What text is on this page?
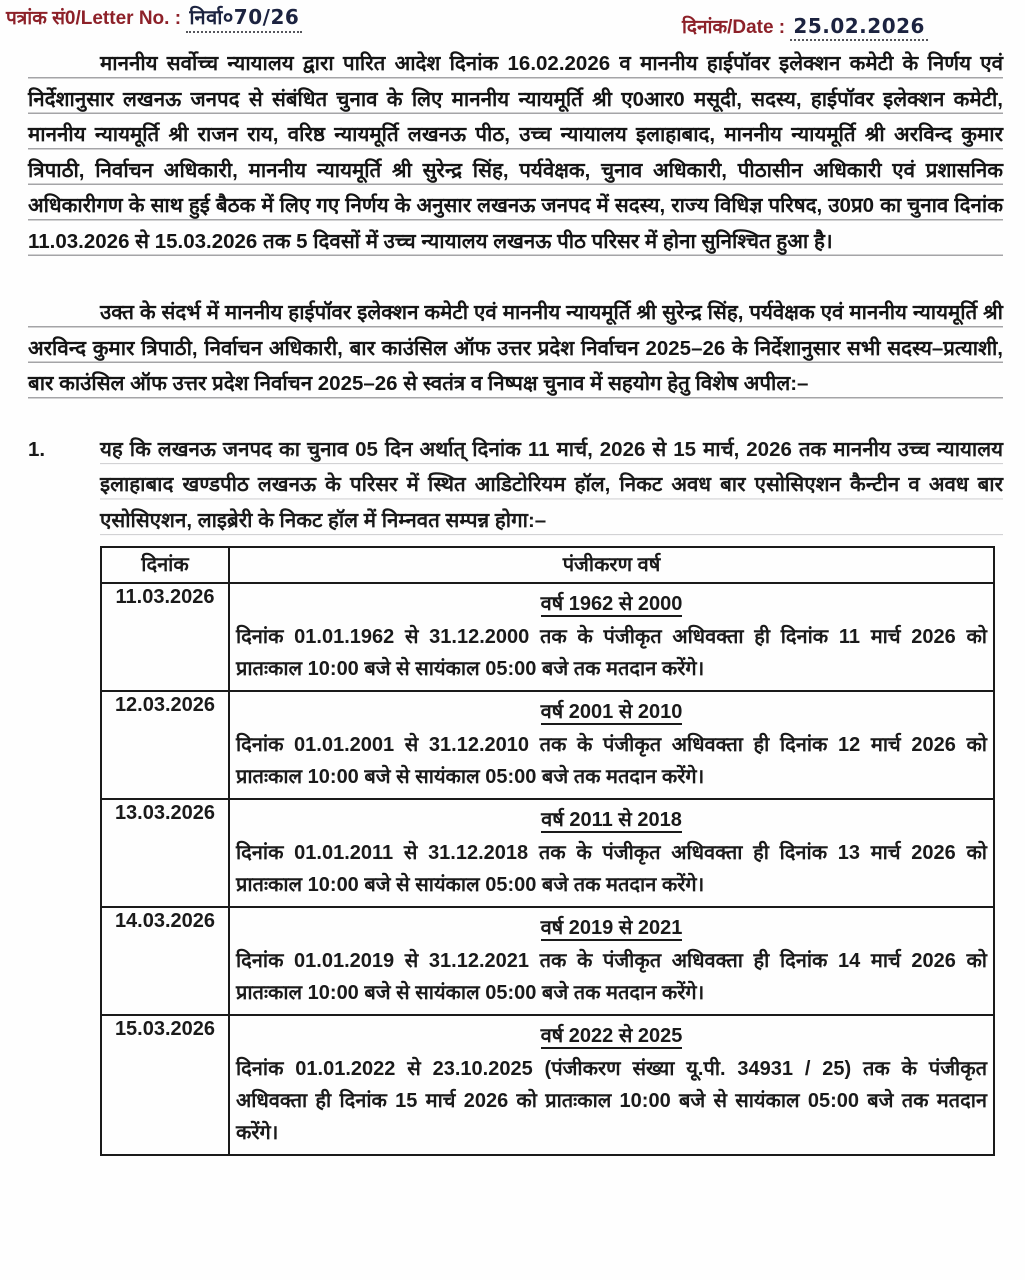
पत्रांक सं0/Letter No. : निर्वा०70/26	दिनांक/Date : 25.02.2026

माननीय सर्वोच्च न्यायालय द्वारा पारित आदेश दिनांक 16.02.2026 व माननीय हाईपॉवर इलेक्शन कमेटी के निर्णय एवं निर्देशानुसार लखनऊ जनपद से संबंधित चुनाव के लिए माननीय न्यायमूर्ति श्री ए0आर0 मसूदी, सदस्य, हाईपॉवर इलेक्शन कमेटी, माननीय न्यायमूर्ति श्री राजन राय, वरिष्ठ न्यायमूर्ति लखनऊ पीठ, उच्च न्यायालय इलाहाबाद, माननीय न्यायमूर्ति श्री अरविन्द कुमार त्रिपाठी, निर्वाचन अधिकारी, माननीय न्यायमूर्ति श्री सुरेन्द्र सिंह, पर्यवेक्षक, चुनाव अधिकारी, पीठासीन अधिकारी एवं प्रशासनिक अधिकारीगण के साथ हुई बैठक में लिए गए निर्णय के अनुसार लखनऊ जनपद में सदस्य, राज्य विधिज्ञ परिषद, उ0प्र0 का चुनाव दिनांक 11.03.2026 से 15.03.2026 तक 5 दिवसों में उच्च न्यायालय लखनऊ पीठ परिसर में होना सुनिश्चित हुआ है।

उक्त के संदर्भ में माननीय हाईपॉवर इलेक्शन कमेटी एवं माननीय न्यायमूर्ति श्री सुरेन्द्र सिंह, पर्यवेक्षक एवं माननीय न्यायमूर्ति श्री अरविन्द कुमार त्रिपाठी, निर्वाचन अधिकारी, बार काउंसिल ऑफ उत्तर प्रदेश निर्वाचन 2025–26 के निर्देशानुसार सभी सदस्य–प्रत्याशी, बार काउंसिल ऑफ उत्तर प्रदेश निर्वाचन 2025–26 से स्वतंत्र व निष्पक्ष चुनाव में सहयोग हेतु विशेष अपील:–

1.	यह कि लखनऊ जनपद का चुनाव 05 दिन अर्थात् दिनांक 11 मार्च, 2026 से 15 मार्च, 2026 तक माननीय उच्च न्यायालय इलाहाबाद खण्डपीठ लखनऊ के परिसर में स्थित आडिटोरियम हॉल, निकट अवध बार एसोसिएशन कैन्टीन व अवध बार एसोसिएशन, लाइब्रेरी के निकट हॉल में निम्नवत सम्पन्न होगा:–
दिनांक	पंजीकरण वर्ष
11.03.2026	वर्ष 1962 से 2000
दिनांक 01.01.1962 से 31.12.2000 तक के पंजीकृत अधिवक्ता ही दिनांक 11 मार्च 2026 को प्रातःकाल 10:00 बजे से सायंकाल 05:00 बजे तक मतदान करेंगे।

12.03.2026	वर्ष 2001 से 2010
दिनांक 01.01.2001 से 31.12.2010 तक के पंजीकृत अधिवक्ता ही दिनांक 12 मार्च 2026 को प्रातःकाल 10:00 बजे से सायंकाल 05:00 बजे तक मतदान करेंगे।

13.03.2026	वर्ष 2011 से 2018
दिनांक 01.01.2011 से 31.12.2018 तक के पंजीकृत अधिवक्ता ही दिनांक 13 मार्च 2026 को प्रातःकाल 10:00 बजे से सायंकाल 05:00 बजे तक मतदान करेंगे।

14.03.2026	वर्ष 2019 से 2021
दिनांक 01.01.2019 से 31.12.2021 तक के पंजीकृत अधिवक्ता ही दिनांक 14 मार्च 2026 को प्रातःकाल 10:00 बजे से सायंकाल 05:00 बजे तक मतदान करेंगे।

15.03.2026	वर्ष 2022 से 2025
दिनांक 01.01.2022 से 23.10.2025 (पंजीकरण संख्या यू.पी. 34931 / 25) तक के पंजीकृत अधिवक्ता ही दिनांक 15 मार्च 2026 को प्रातःकाल 10:00 बजे से सायंकाल 05:00 बजे तक मतदान करेंगे।
